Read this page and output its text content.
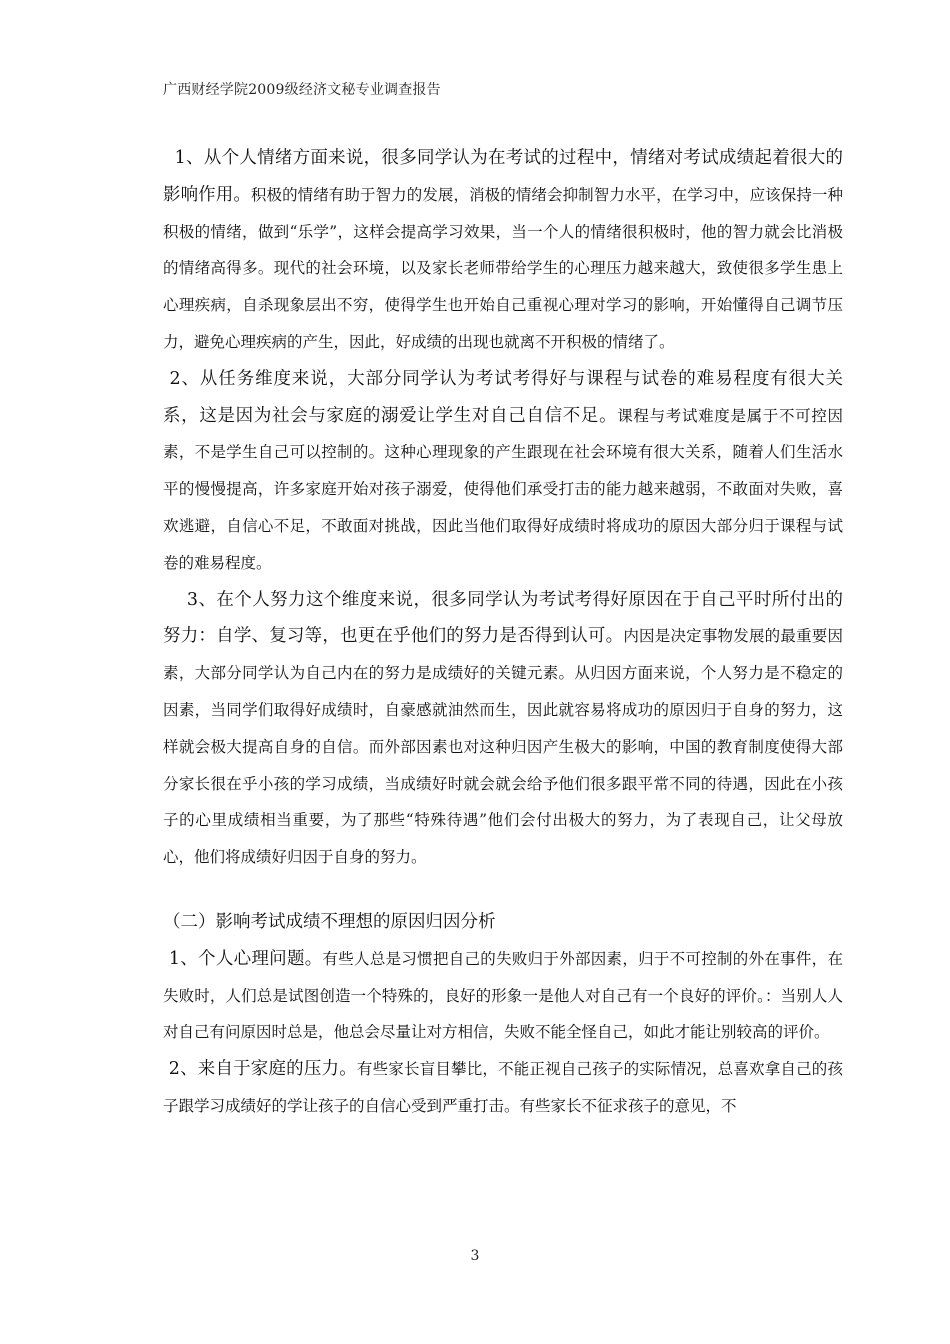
广西财经学院2009级经济文秘专业调查报告

1、从个人情绪方面来说，很多同学认为在考试的过程中，情绪对考试成绩起着很大的影响作用。积极的情绪有助于智力的发展，消极的情绪会抑制智力水平，在学习中，应该保持一种积极的情绪，做到“乐学”，这样会提高学习效果，当一个人的情绪很积极时，他的智力就会比消极的情绪高得多。现代的社会环境，以及家长老师带给学生的心理压力越来越大，致使很多学生患上心理疾病，自杀现象层出不穷，使得学生也开始自己重视心理对学习的影响，开始懂得自己调节压力，避免心理疾病的产生，因此，好成绩的出现也就离不开积极的情绪了。

2、从任务维度来说，大部分同学认为考试考得好与课程与试卷的难易程度有很大关系，这是因为社会与家庭的溺爱让学生对自己自信不足。课程与考试难度是属于不可控因素，不是学生自己可以控制的。这种心理现象的产生跟现在社会环境有很大关系，随着人们生活水平的慢慢提高，许多家庭开始对孩子溺爱，使得他们承受打击的能力越来越弱，不敢面对失败，喜欢逃避，自信心不足，不敢面对挑战，因此当他们取得好成绩时将成功的原因大部分归于课程与试卷的难易程度。

3、在个人努力这个维度来说，很多同学认为考试考得好原因在于自己平时所付出的努力：自学、复习等，也更在乎他们的努力是否得到认可。内因是决定事物发展的最重要因素，大部分同学认为自己内在的努力是成绩好的关键元素。从归因方面来说，个人努力是不稳定的因素，当同学们取得好成绩时，自豪感就油然而生，因此就容易将成功的原因归于自身的努力，这样就会极大提高自身的自信。而外部因素也对这种归因产生极大的影响，中国的教育制度使得大部分家长很在乎小孩的学习成绩，当成绩好时就会就会给予他们很多跟平常不同的待遇，因此在小孩子的心里成绩相当重要，为了那些“特殊待遇”他们会付出极大的努力，为了表现自己，让父母放心，他们将成绩好归因于自身的努力。

（二）影响考试成绩不理想的原因归因分析

1、个人心理问题。有些人总是习惯把自己的失败归于外部因素，归于不可控制的外在事件，在失败时，人们总是试图创造一个特殊的，良好的形象一是他人对自己有一个良好的评价。：当别人人对自己有问原因时总是，他总会尽量让对方相信，失败不能全怪自己，如此才能让别较高的评价。

2、来自于家庭的压力。有些家长盲目攀比，不能正视自己孩子的实际情况，总喜欢拿自己的孩子跟学习成绩好的学让孩子的自信心受到严重打击。有些家长不征求孩子的意见，不

3
